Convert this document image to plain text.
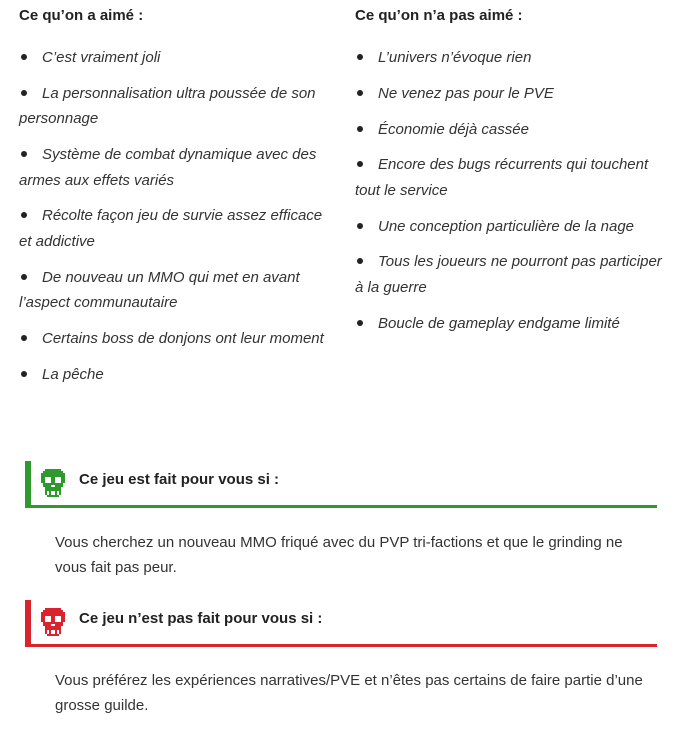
Ce qu’on a aimé :
C’est vraiment joli
La personnalisation ultra poussée de son personnage
Système de combat dynamique avec des armes aux effets variés
Récolte façon jeu de survie assez efficace et addictive
De nouveau un MMO qui met en avant l’aspect communautaire
Certains boss de donjons ont leur moment
La pêche
Ce qu’on n’a pas aimé :
L’univers n’évoque rien
Ne venez pas pour le PVE
Économie déjà cassée
Encore des bugs récurrents qui touchent tout le service
Une conception particulière de la nage
Tous les joueurs ne pourront pas participer à la guerre
Boucle de gameplay endgame limité
Ce jeu est fait pour vous si :
Vous cherchez un nouveau MMO friqué avec du PVP tri-factions et que le grinding ne vous fait pas peur.
Ce jeu n’est pas fait pour vous si :
Vous préférez les expériences narratives/PVE et n’êtes pas certains de faire partie d’une grosse guilde.
